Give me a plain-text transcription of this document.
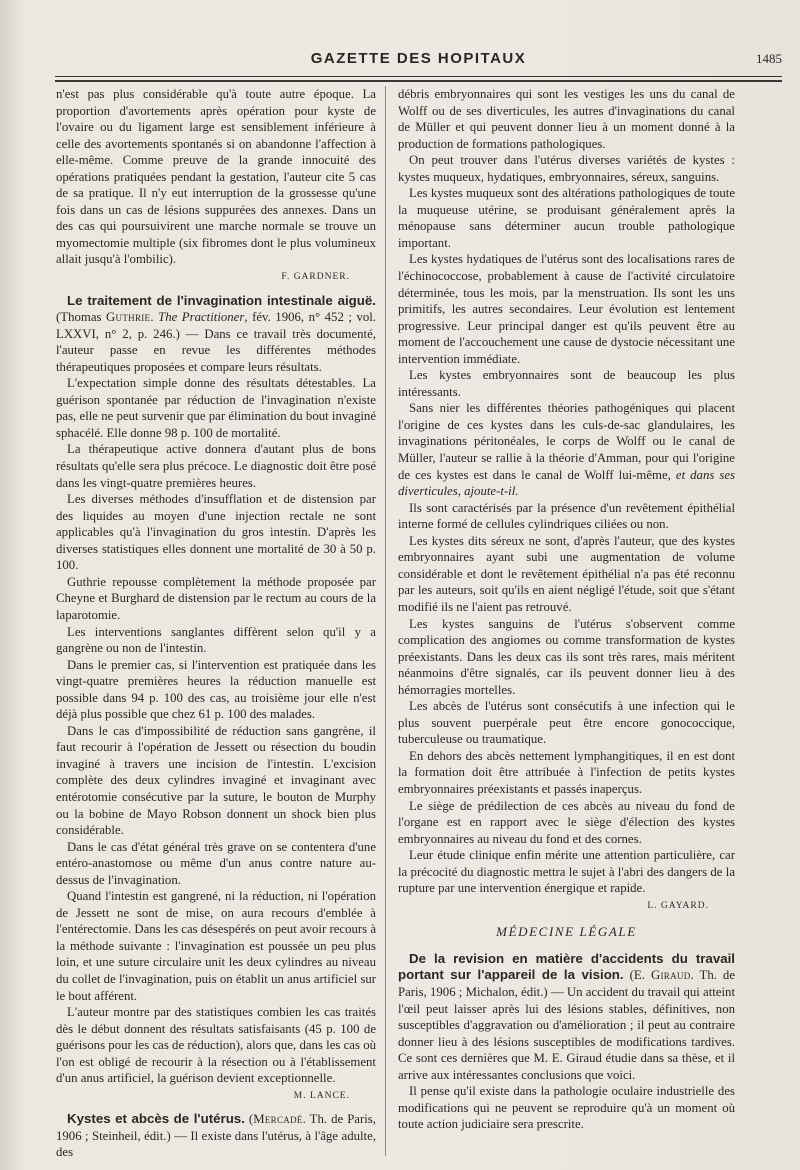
GAZETTE DES HOPITAUX	1485

n'est pas plus considérable qu'à toute autre époque. La proportion d'avortements après opération pour kyste de l'ovaire ou du ligament large est sensiblement inférieure à celle des avortements spontanés si on abandonne l'affection à elle-même. Comme preuve de la grande innocuité des opérations pratiquées pendant la gestation, l'auteur cite 5 cas de sa pratique. Il n'y eut interruption de la grossesse qu'une fois dans un cas de lésions suppurées des annexes. Dans un des cas qui poursuivirent une marche normale se trouve un myomectomie multiple (six fibromes dont le plus volumineux allait jusqu'à l'ombilic).

F. GARDNER.

Le traitement de l'invagination intestinale aiguë. (Thomas Guthrie. The Practitioner, fév. 1906, n° 452 ; vol. LXXVI, n° 2, p. 246.) — Dans ce travail très documenté, l'auteur passe en revue les différentes méthodes thérapeutiques proposées et compare leurs résultats.

L'expectation simple donne des résultats détestables. La guérison spontanée par réduction de l'invagination n'existe pas, elle ne peut survenir que par élimination du bout invaginé sphacélé. Elle donne 98 p. 100 de mortalité.

La thérapeutique active donnera d'autant plus de bons résultats qu'elle sera plus précoce. Le diagnostic doit être posé dans les vingt-quatre premières heures.

Les diverses méthodes d'insufflation et de distension par des liquides au moyen d'une injection rectale ne sont applicables qu'à l'invagination du gros intestin. D'après les diverses statistiques elles donnent une mortalité de 30 à 50 p. 100.

Guthrie repousse complètement la méthode proposée par Cheyne et Burghard de distension par le rectum au cours de la laparotomie.

Les interventions sanglantes diffèrent selon qu'il y a gangrène ou non de l'intestin.

Dans le premier cas, si l'intervention est pratiquée dans les vingt-quatre premières heures la réduction manuelle est possible dans 94 p. 100 des cas, au troisième jour elle n'est déjà plus possible que chez 61 p. 100 des malades.

Dans le cas d'impossibilité de réduction sans gangrène, il faut recourir à l'opération de Jessett ou résection du boudin invaginé à travers une incision de l'intestin. L'excision complète des deux cylindres invaginé et invaginant avec entérotomie consécutive par la suture, le bouton de Murphy ou la bobine de Mayo Robson donnent un shock bien plus considérable.

Dans le cas d'état général très grave on se contentera d'une entéro-anastomose ou même d'un anus contre nature au-dessus de l'invagination.

Quand l'intestin est gangrené, ni la réduction, ni l'opération de Jessett ne sont de mise, on aura recours d'emblée à l'entérectomie. Dans les cas désespérés on peut avoir recours à la méthode suivante : l'invagination est poussée un peu plus loin, et une suture circulaire unit les deux cylindres au niveau du collet de l'invagination, puis on établit un anus artificiel sur le bout afférent.

L'auteur montre par des statistiques combien les cas traités dès le début donnent des résultats satisfaisants (45 p. 100 de guérisons pour les cas de réduction), alors que, dans les cas où l'on est obligé de recourir à la résection ou à l'établissement d'un anus artificiel, la guérison devient exceptionnelle.

M. LANCE.

Kystes et abcès de l'utérus. (Mercadé. Th. de Paris, 1906 ; Steinheil, édit.) — Il existe dans l'utérus, à l'âge adulte, des

débris embryonnaires qui sont les vestiges les uns du canal de Wolff ou de ses diverticules, les autres d'invaginations du canal de Müller et qui peuvent donner lieu à un moment donné à la production de formations pathologiques.

On peut trouver dans l'utérus diverses variétés de kystes : kystes muqueux, hydatiques, embryonnaires, séreux, sanguins.

Les kystes muqueux sont des altérations pathologiques de toute la muqueuse utérine, se produisant généralement après la ménopause sans déterminer aucun trouble pathologique important.

Les kystes hydatiques de l'utérus sont des localisations rares de l'échinococcose, probablement à cause de l'activité circulatoire déterminée, tous les mois, par la menstruation. Ils sont les uns primitifs, les autres secondaires. Leur évolution est lentement progressive. Leur principal danger est qu'ils peuvent être au moment de l'accouchement une cause de dystocie nécessitant une intervention immédiate.

Les kystes embryonnaires sont de beaucoup les plus intéressants.

Sans nier les différentes théories pathogéniques qui placent l'origine de ces kystes dans les culs-de-sac glandulaires, les invaginations péritonéales, le corps de Wolff ou le canal de Müller, l'auteur se rallie à la théorie d'Amman, pour qui l'origine de ces kystes est dans le canal de Wolff lui-même, et dans ses diverticules, ajoute-t-il.

Ils sont caractérisés par la présence d'un revêtement épithélial interne formé de cellules cylindriques ciliées ou non.

Les kystes dits séreux ne sont, d'après l'auteur, que des kystes embryonnaires ayant subi une augmentation de volume considérable et dont le revêtement épithélial n'a pas été reconnu par les auteurs, soit qu'ils en aient négligé l'étude, soit que s'étant modifié ils ne l'aient pas retrouvé.

Les kystes sanguins de l'utérus s'observent comme complication des angiomes ou comme transformation de kystes préexistants. Dans les deux cas ils sont très rares, mais méritent néanmoins d'être signalés, car ils peuvent donner lieu à des hémorragies mortelles.

Les abcès de l'utérus sont consécutifs à une infection qui le plus souvent puerpérale peut être encore gonococcique, tuberculeuse ou traumatique.

En dehors des abcès nettement lymphangitiques, il en est dont la formation doit être attribuée à l'infection de petits kystes embryonnaires préexistants et passés inaperçus.

Le siège de prédilection de ces abcès au niveau du fond de l'organe est en rapport avec le siège d'élection des kystes embryonnaires au niveau du fond et des cornes.

Leur étude clinique enfin mérite une attention particulière, car la précocité du diagnostic mettra le sujet à l'abri des dangers de la rupture par une intervention énergique et rapide.

L. GAYARD.
MÉDECINE LÉGALE

De la revision en matière d'accidents du travail portant sur l'appareil de la vision. (E. Giraud. Th. de Paris, 1906 ; Michalon, édit.) — Un accident du travail qui atteint l'œil peut laisser après lui des lésions stables, définitives, non susceptibles d'aggravation ou d'amélioration ; il peut au contraire donner lieu à des lésions susceptibles de modifications tardives. Ce sont ces dernières que M. E. Giraud étudie dans sa thèse, et il arrive aux intéressantes conclusions que voici.

Il pense qu'il existe dans la pathologie oculaire industrielle des modifications qui ne peuvent se reproduire qu'à un moment où toute action judiciaire sera prescrite.
